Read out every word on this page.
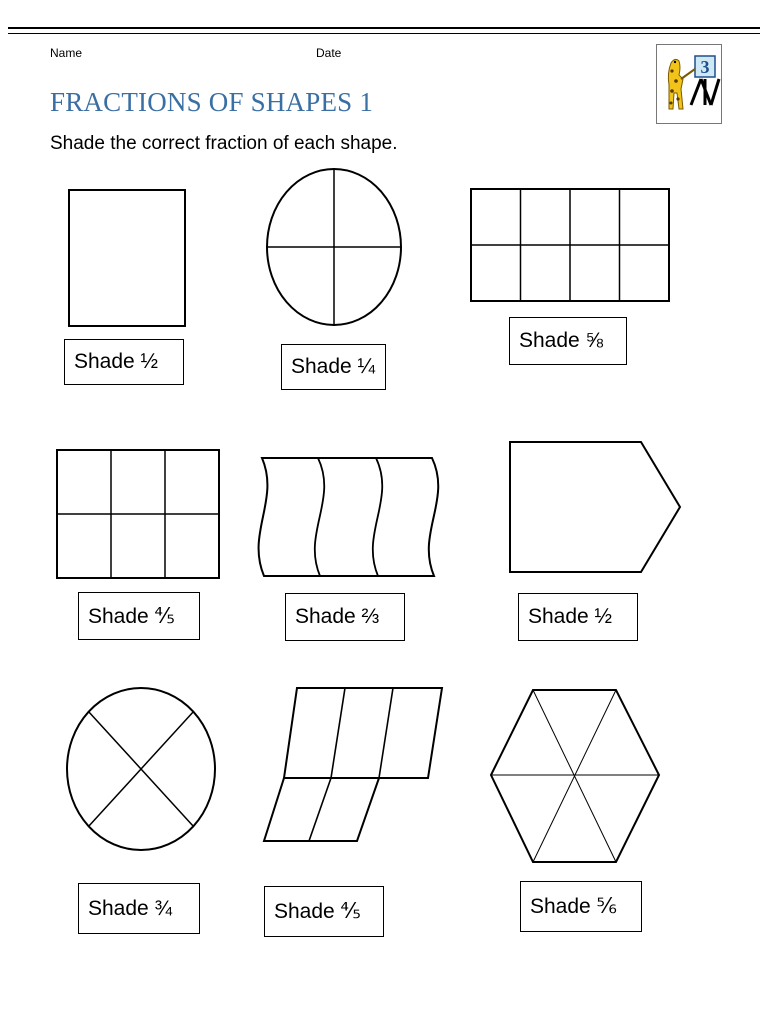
Name	Date
FRACTIONS OF SHAPES 1
Shade the correct fraction of each shape.
3
Shade ½	Shade ¼
Shade ⅝
Shade ⅘	Shade ⅔	Shade ½
Shade ¾	Shade ⅘	Shade ⅚
